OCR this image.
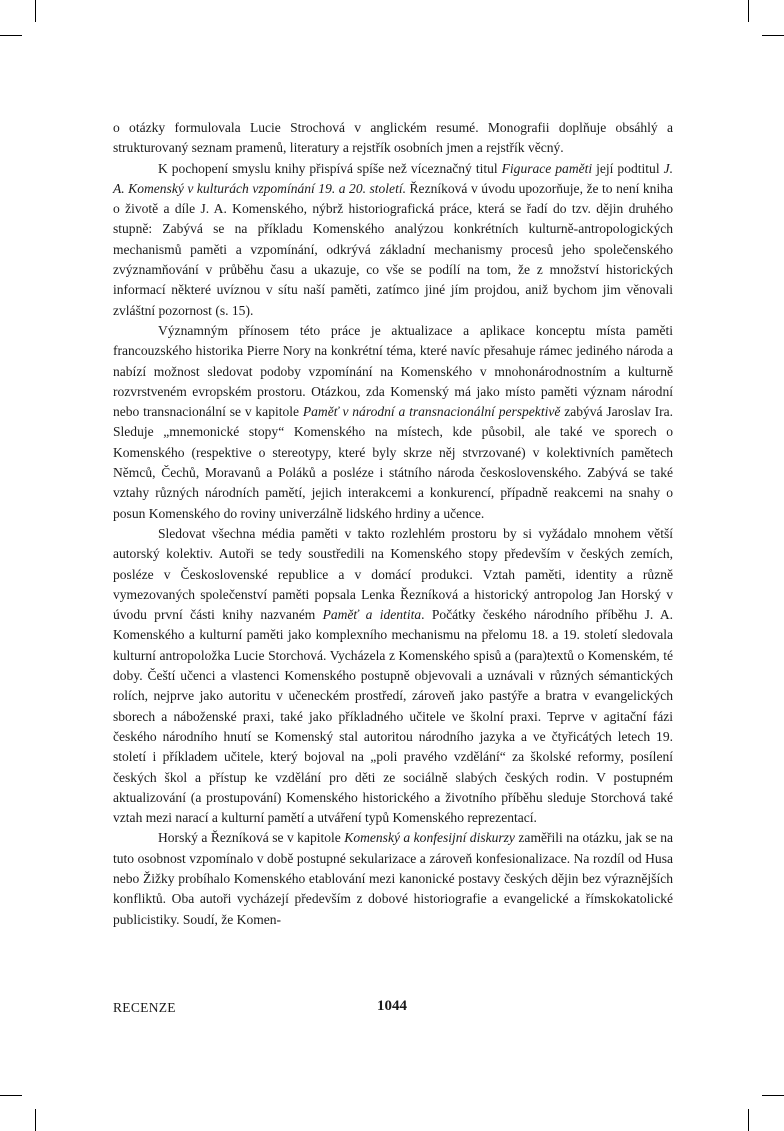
o otázky formulovala Lucie Strochová v anglickém resumé. Monografii doplňuje obsáhlý a strukturovaný seznam pramenů, literatury a rejstřík osobních jmen a rejstřík věcný.

K pochopení smyslu knihy přispívá spíše než víceznačný titul Figurace paměti její podtitul J. A. Komenský v kulturách vzpomínání 19. a 20. století. Řezníková v úvodu upozorňuje, že to není kniha o životě a díle J. A. Komenského, nýbrž historiografická práce, která se řadí do tzv. dějin druhého stupně: Zabývá se na příkladu Komenského analýzou konkrétních kulturně-antropologických mechanismů paměti a vzpomínání, odkrývá základní mechanismy procesů jeho společenského zvýznamňování v průběhu času a ukazuje, co vše se podílí na tom, že z množství historických informací některé uvíznou v sítu naší paměti, zatímco jiné jím projdou, aniž bychom jim věnovali zvláštní pozornost (s. 15).

Významným přínosem této práce je aktualizace a aplikace konceptu místa paměti francouzského historika Pierre Nory na konkrétní téma, které navíc přesahuje rámec jediného národa a nabízí možnost sledovat podoby vzpomínání na Komenského v mnohonárodnostním a kulturně rozvrstveném evropském prostoru. Otázkou, zda Komenský má jako místo paměti význam národní nebo transnacionální se v kapitole Paměť v národní a transnacionální perspektivě zabývá Jaroslav Ira. Sleduje „mnemonické stopy“ Komenského na místech, kde působil, ale také ve sporech o Komenského (respektive o stereotypy, které byly skrze něj stvrzované) v kolektivních pamětech Němců, Čechů, Moravanů a Poláků a posléze i státního národa československého. Zabývá se také vztahy různých národních pamětí, jejich interakcemi a konkurencí, případně reakcemi na snahy o posun Komenského do roviny univerzálně lidského hrdiny a učence.

Sledovat všechna média paměti v takto rozlehlém prostoru by si vyžádalo mnohem větší autorský kolektiv. Autoři se tedy soustředili na Komenského stopy především v českých zemích, posléze v Československé republice a v domácí produkci. Vztah paměti, identity a různě vymezovaných společenství paměti popsala Lenka Řezníková a historický antropolog Jan Horský v úvodu první části knihy nazvaném Paměť a identita. Počátky českého národního příběhu J. A. Komenského a kulturní paměti jako komplexního mechanismu na přelomu 18. a 19. století sledovala kulturní antropoložka Lucie Storchová. Vycházela z Komenského spisů a (para)textů o Komenském, té doby. Čeští učenci a vlastenci Komenského postupně objevovali a uznávali v různých sémantických rolích, nejprve jako autoritu v učeneckém prostředí, zároveň jako pastýře a bratra v evangelických sborech a náboženské praxi, také jako příkladného učitele ve školní praxi. Teprve v agitační fázi českého národního hnutí se Komenský stal autoritou národního jazyka a ve čtyřicátých letech 19. století i příkladem učitele, který bojoval na „poli pravého vzdělání“ za školské reformy, posílení českých škol a přístup ke vzdělání pro děti ze sociálně slabých českých rodin. V postupném aktualizování (a prostupování) Komenského historického a životního příběhu sleduje Storchová také vztah mezi narací a kulturní pamětí a utváření typů Komenského reprezentací.

Horský a Řezníková se v kapitole Komenský a konfesijní diskurzy zaměřili na otázku, jak se na tuto osobnost vzpomínalo v době postupné sekularizace a zároveň konfesionalizace. Na rozdíl od Husa nebo Žižky probíhalo Komenského etablování mezi kanonické postavy českých dějin bez výraznějších konfliktů. Oba autoři vycházejí především z dobové historiografie a evangelické a římskokatolické publicistiky. Soudí, že Komen-

RECENZE	1044
